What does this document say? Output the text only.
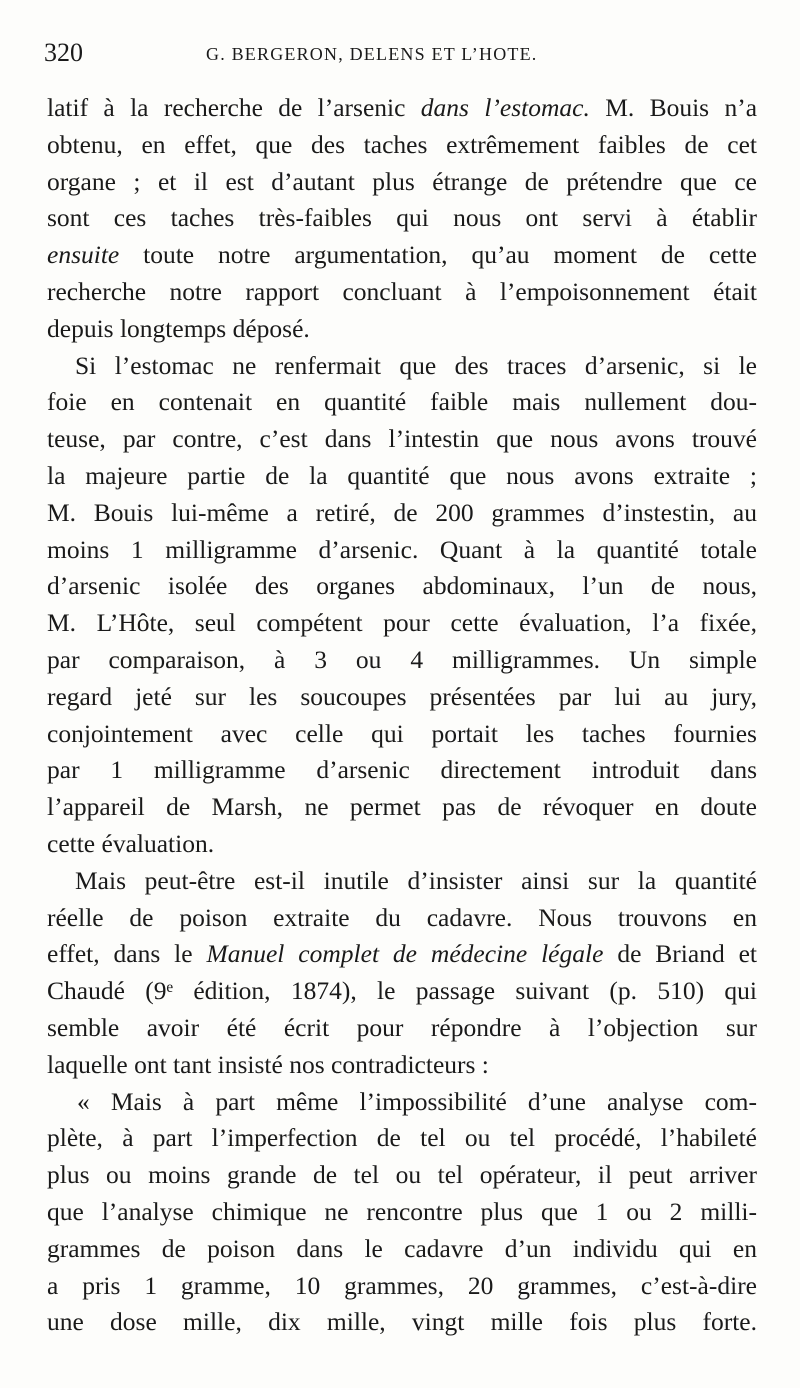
320	G. BERGERON, DELENS ET L’HOTE.
latif à la recherche de l’arsenic dans l’estomac. M. Bouis n’a
obtenu, en effet, que des taches extrêmement faibles de cet
organe ; et il est d’autant plus étrange de prétendre que ce
sont ces taches très-faibles qui nous ont servi à établir
ensuite toute notre argumentation, qu’au moment de cette
recherche notre rapport concluant à l’empoisonnement était
depuis longtemps déposé.
Si l’estomac ne renfermait que des traces d’arsenic, si le
foie en contenait en quantité faible mais nullement dou-
teuse, par contre, c’est dans l’intestin que nous avons trouvé
la majeure partie de la quantité que nous avons extraite ;
M. Bouis lui-même a retiré, de 200 grammes d’instestin, au
moins 1 milligramme d’arsenic. Quant à la quantité totale
d’arsenic isolée des organes abdominaux, l’un de nous,
M. L’Hôte, seul compétent pour cette évaluation, l’a fixée,
par comparaison, à 3 ou 4 milligrammes. Un simple
regard jeté sur les soucoupes présentées par lui au jury,
conjointement avec celle qui portait les taches fournies
par 1 milligramme d’arsenic directement introduit dans
l’appareil de Marsh, ne permet pas de révoquer en doute
cette évaluation.
Mais peut-être est-il inutile d’insister ainsi sur la quantité
réelle de poison extraite du cadavre. Nous trouvons en
effet, dans le Manuel complet de médecine légale de Briand et
Chaudé (9ᵉ édition, 1874), le passage suivant (p. 510) qui
semble avoir été écrit pour répondre à l’objection sur
laquelle ont tant insisté nos contradicteurs :
« Mais à part même l’impossibilité d’une analyse com-
plète, à part l’imperfection de tel ou tel procédé, l’habileté
plus ou moins grande de tel ou tel opérateur, il peut arriver
que l’analyse chimique ne rencontre plus que 1 ou 2 milli-
grammes de poison dans le cadavre d’un individu qui en
a pris 1 gramme, 10 grammes, 20 grammes, c’est-à-dire
une dose mille, dix mille, vingt mille fois plus forte.
